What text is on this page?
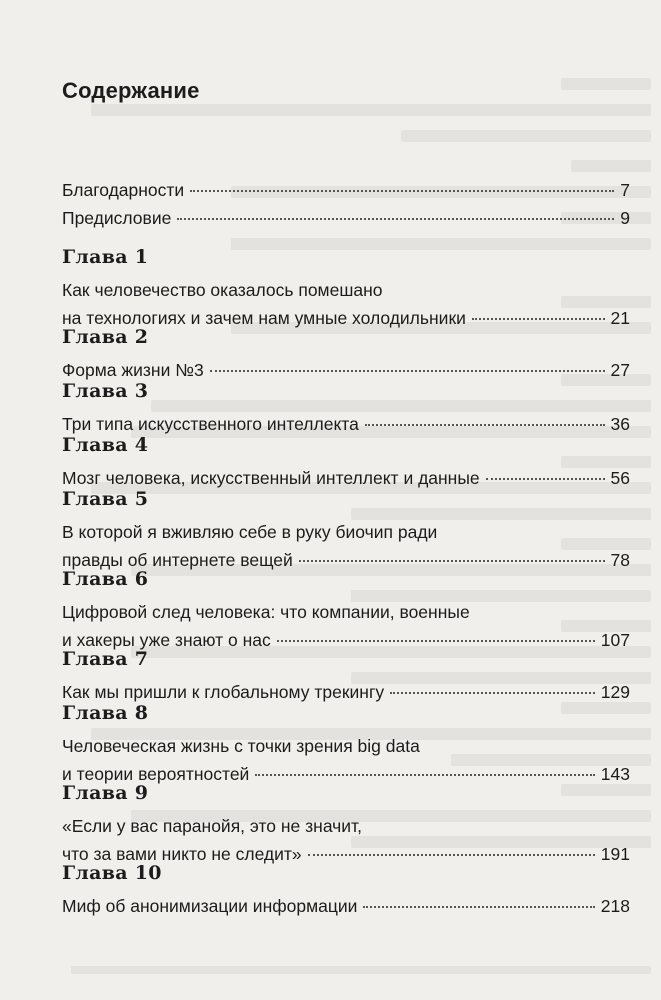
Содержание
Благодарности	7
Предисловие	9
Глава 1
Как человечество оказалось помешано
на технологиях и зачем нам умные холодильники	21
Глава 2
Форма жизни №3	27
Глава 3
Три типа искусственного интеллекта	36
Глава 4
Мозг человека, искусственный интеллект и данные	56
Глава 5
В которой я вживляю себе в руку биочип ради
правды об интернете вещей	78
Глава 6
Цифровой след человека: что компании, военные
и хакеры уже знают о нас	107
Глава 7
Как мы пришли к глобальному трекингу	129
Глава 8
Человеческая жизнь с точки зрения big data
и теории вероятностей	143
Глава 9
«Если у вас паранойя, это не значит,
что за вами никто не следит»	191
Глава 10
Миф об анонимизации информации	218
